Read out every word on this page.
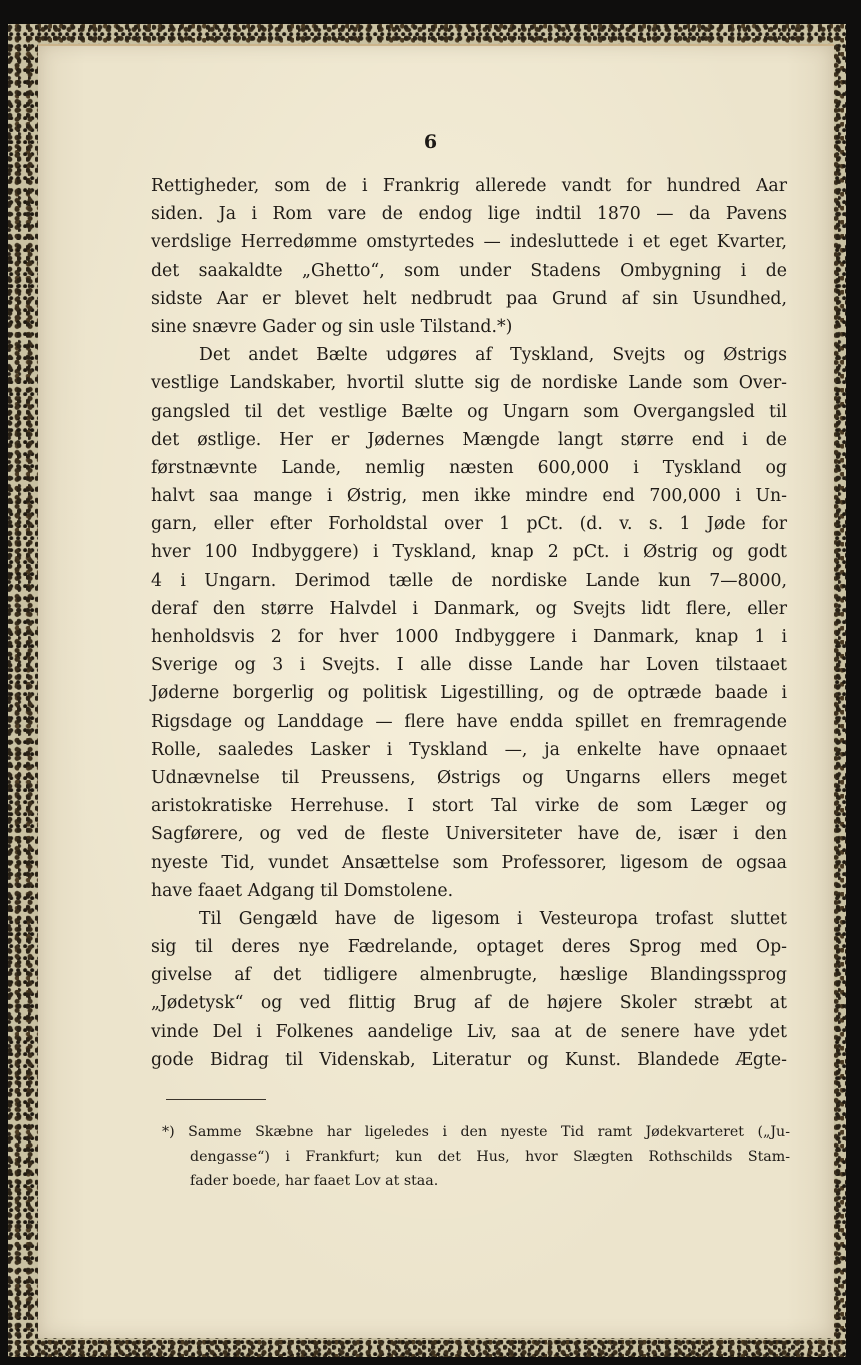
6
Rettigheder, som de i Frankrig allerede vandt for hundred Aar
siden. Ja i Rom vare de endog lige indtil 1870 — da Pavens
verdslige Herredømme omstyrtedes — indesluttede i et eget Kvarter,
det saakaldte „Ghetto“, som under Stadens Ombygning i de
sidste Aar er blevet helt nedbrudt paa Grund af sin Usundhed,
sine snævre Gader og sin usle Tilstand.*)
Det andet Bælte udgøres af Tyskland, Svejts og Østrigs
vestlige Landskaber, hvortil slutte sig de nordiske Lande som Over-
gangsled til det vestlige Bælte og Ungarn som Overgangsled til
det østlige. Her er Jødernes Mængde langt større end i de
førstnævnte Lande, nemlig næsten 600,000 i Tyskland og
halvt saa mange i Østrig, men ikke mindre end 700,000 i Un-
garn, eller efter Forholdstal over 1 pCt. (d. v. s. 1 Jøde for
hver 100 Indbyggere) i Tyskland, knap 2 pCt. i Østrig og godt
4 i Ungarn. Derimod tælle de nordiske Lande kun 7—8000,
deraf den større Halvdel i Danmark, og Svejts lidt flere, eller
henholdsvis 2 for hver 1000 Indbyggere i Danmark, knap 1 i
Sverige og 3 i Svejts. I alle disse Lande har Loven tilstaaet
Jøderne borgerlig og politisk Ligestilling, og de optræde baade i
Rigsdage og Landdage — flere have endda spillet en fremragende
Rolle, saaledes Lasker i Tyskland —, ja enkelte have opnaaet
Udnævnelse til Preussens, Østrigs og Ungarns ellers meget
aristokratiske Herrehuse. I stort Tal virke de som Læger og
Sagførere, og ved de fleste Universiteter have de, især i den
nyeste Tid, vundet Ansættelse som Professorer, ligesom de ogsaa
have faaet Adgang til Domstolene.
Til Gengæld have de ligesom i Vesteuropa trofast sluttet
sig til deres nye Fædrelande, optaget deres Sprog med Op-
givelse af det tidligere almenbrugte, hæslige Blandingssprog
„Jødetysk“ og ved flittig Brug af de højere Skoler stræbt at
vinde Del i Folkenes aandelige Liv, saa at de senere have ydet
gode Bidrag til Videnskab, Literatur og Kunst. Blandede Ægte-
*) Samme Skæbne har ligeledes i den nyeste Tid ramt Jødekvarteret („Ju-
dengasse“) i Frankfurt; kun det Hus, hvor Slægten Rothschilds Stam-
fader boede, har faaet Lov at staa.
